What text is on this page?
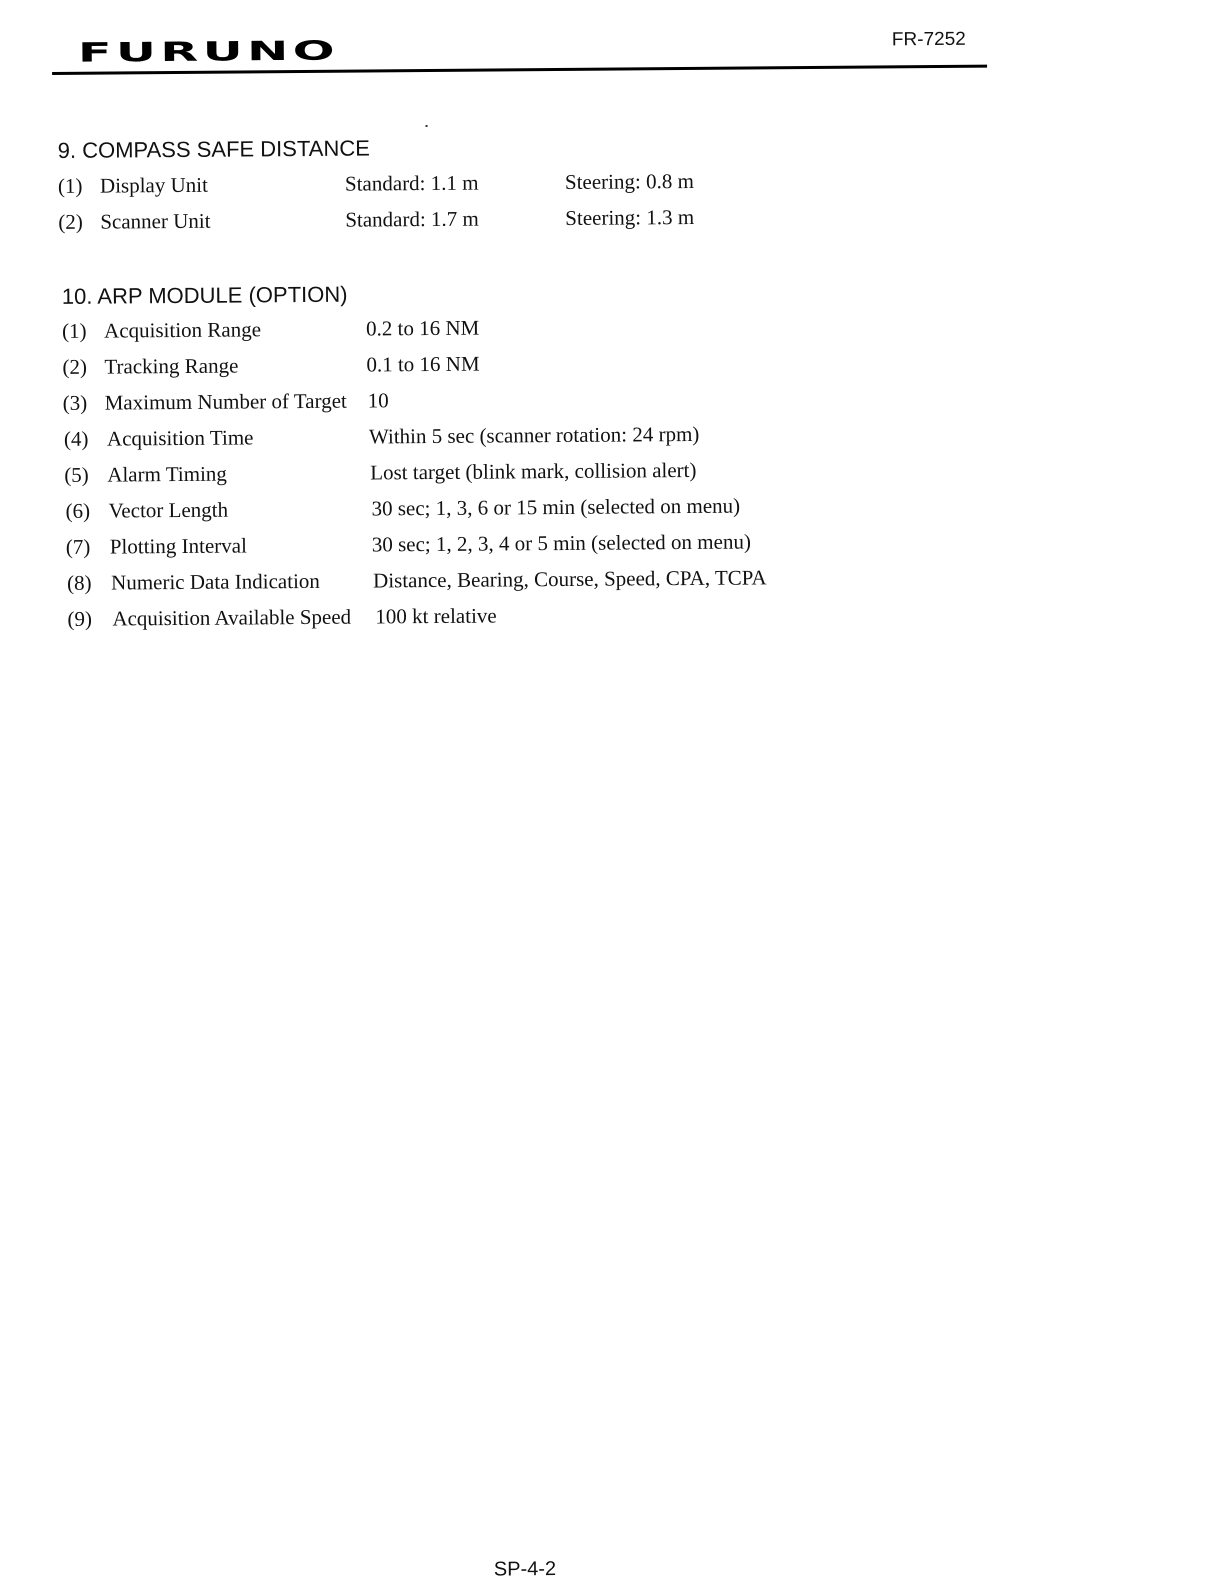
FURUNO	FR-7252
9. COMPASS SAFE DISTANCE
(1) Display Unit	Standard: 1.1 m	Steering: 0.8 m
(2) Scanner Unit	Standard: 1.7 m	Steering: 1.3 m
10. ARP MODULE (OPTION)
(1) Acquisition Range	0.2 to 16 NM
(2) Tracking Range	0.1 to 16 NM
(3) Maximum Number of Target 10
(4) Acquisition Time	Within 5 sec (scanner rotation: 24 rpm)
(5) Alarm Timing	Lost target (blink mark, collision alert)
(6) Vector Length	30 sec; 1, 3, 6 or 15 min (selected on menu)
(7) Plotting Interval	30 sec; 1, 2, 3, 4 or 5 min (selected on menu)
(8) Numeric Data Indication	Distance, Bearing, Course, Speed, CPA, TCPA
(9) Acquisition Available Speed 100 kt relative
SP-4-2
